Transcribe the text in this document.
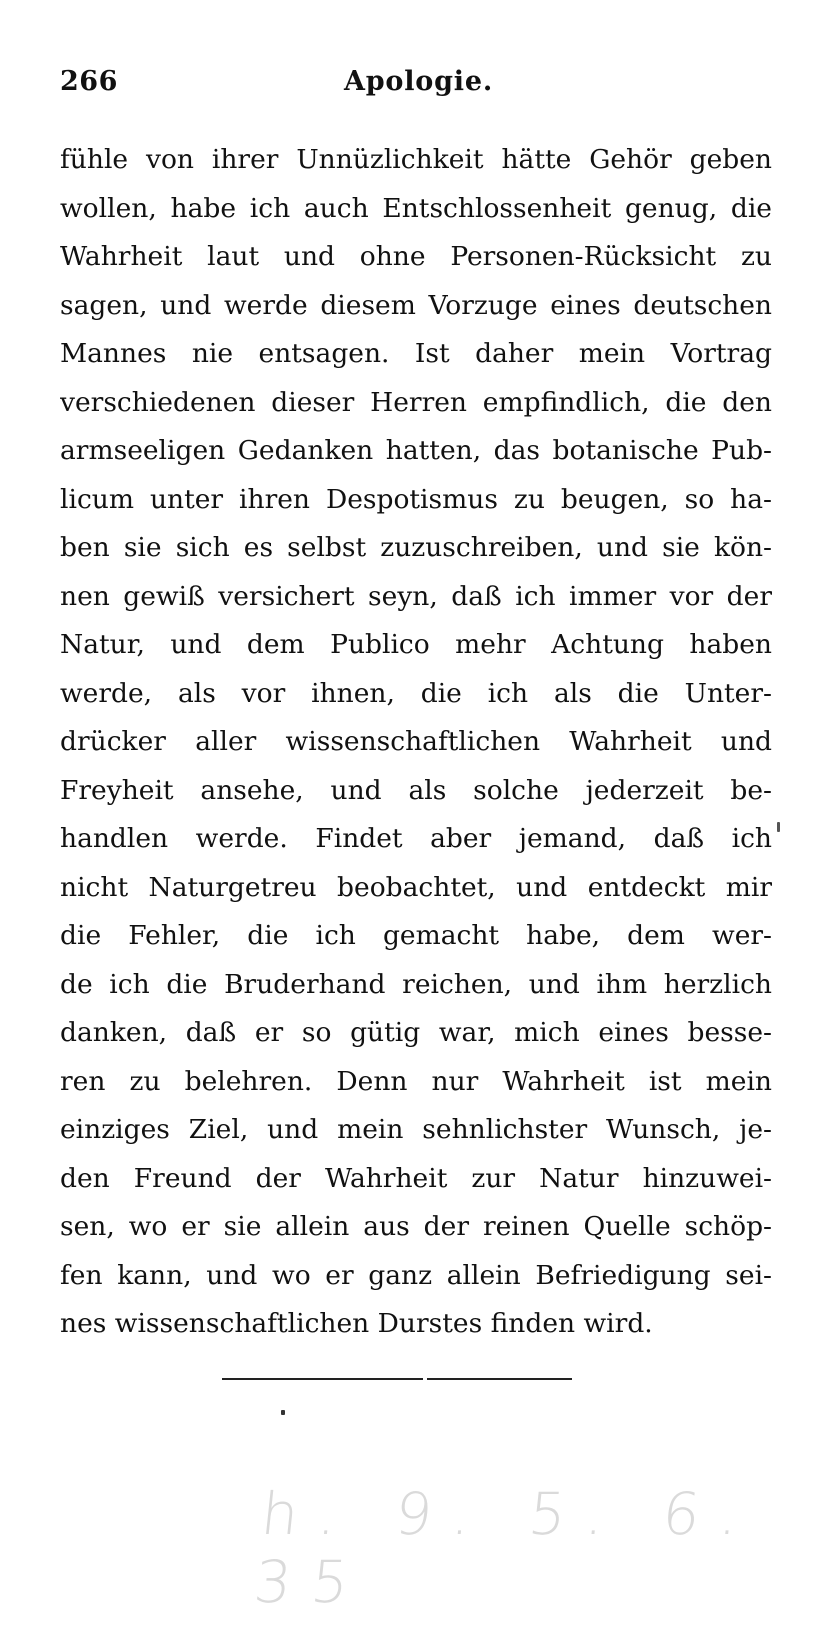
266	Apologie.
fühle von ihrer Unnüzlichkeit hätte Gehör geben
wollen, habe ich auch Entschlossenheit genug, die
Wahrheit laut und ohne Personen-Rücksicht zu
sagen, und werde diesem Vorzuge eines deutschen
Mannes nie entsagen. Ist daher mein Vortrag
verschiedenen dieser Herren empfindlich, die den
armseeligen Gedanken hatten, das botanische Pub-
licum unter ihren Despotismus zu beugen, so ha-
ben sie sich es selbst zuzuschreiben, und sie kön-
nen gewiß versichert seyn, daß ich immer vor der
Natur, und dem Publico mehr Achtung haben
werde, als vor ihnen, die ich als die Unter-
drücker aller wissenschaftlichen Wahrheit und
Freyheit ansehe, und als solche jederzeit be-
handlen werde. Findet aber jemand, daß ich
nicht Naturgetreu beobachtet, und entdeckt mir
die Fehler, die ich gemacht habe, dem wer-
de ich die Bruderhand reichen, und ihm herzlich
danken, daß er so gütig war, mich eines besse-
ren zu belehren. Denn nur Wahrheit ist mein
einziges Ziel, und mein sehnlichster Wunsch, je-
den Freund der Wahrheit zur Natur hinzuwei-
sen, wo er sie allein aus der reinen Quelle schöp-
fen kann, und wo er ganz allein Befriedigung sei-
nes wissenschaftlichen Durstes finden wird.
h. 9. 5. 6. 35
